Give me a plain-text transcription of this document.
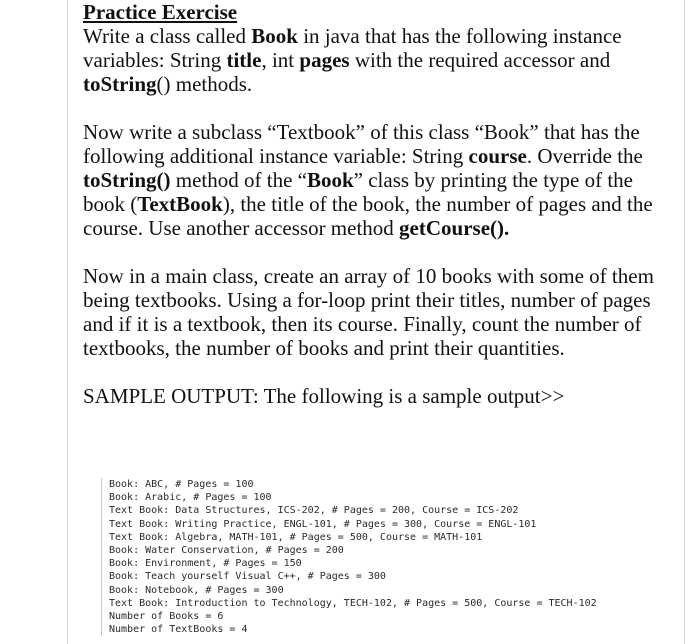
Practice Exercise

Write a class called Book in java that has the following instance variables: String title, int pages with the required accessor and toString() methods.

Now write a subclass “Textbook” of this class “Book” that has the following additional instance variable: String course. Override the toString() method of the “Book” class by printing the type of the book (TextBook), the title of the book, the number of pages and the course. Use another accessor method getCourse().

Now in a main class, create an array of 10 books with some of them being textbooks. Using a for-loop print their titles, number of pages and if it is a textbook, then its course. Finally, count the number of textbooks, the number of books and print their quantities.

SAMPLE OUTPUT: The following is a sample output>>

Book: ABC, # Pages = 100
Book: Arabic, # Pages = 100
Text Book: Data Structures, ICS-202, # Pages = 200, Course = ICS-202
Text Book: Writing Practice, ENGL-101, # Pages = 300, Course = ENGL-101
Text Book: Algebra, MATH-101, # Pages = 500, Course = MATH-101
Book: Water Conservation, # Pages = 200
Book: Environment, # Pages = 150
Book: Teach yourself Visual C++, # Pages = 300
Book: Notebook, # Pages = 300
Text Book: Introduction to Technology, TECH-102, # Pages = 500, Course = TECH-102
Number of Books = 6
Number of TextBooks = 4
